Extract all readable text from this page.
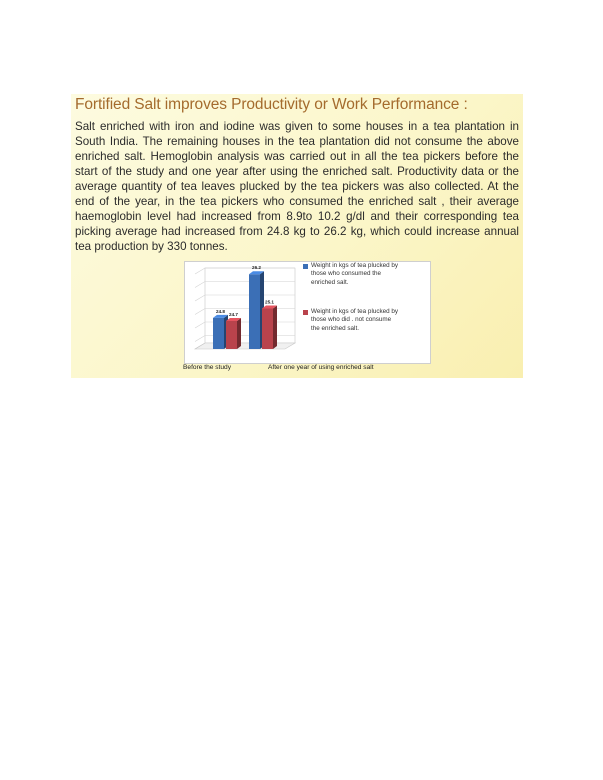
Fortified Salt improves Productivity or Work Performance :
Salt enriched with iron and iodine was given to some houses in a tea plantation in South India. The remaining houses in the tea plantation did not consume the above enriched salt. Hemoglobin analysis was carried out in all the tea pickers before the start of the study and one year after using the enriched salt. Productivity data or the average quantity of tea leaves plucked by the tea pickers was also collected. At the end of the year, in the tea pickers who consumed the enriched salt , their average haemoglobin level had increased from 8.9to 10.2 g/dl and their corresponding tea picking average had increased from 24.8 kg to 26.2 kg, which could increase annual tea production by 330 tonnes.
24.8
24.7
26.2
25.1
Weight in kgs of tea plucked by those who consumed the enriched salt.
Weight in kgs of tea plucked by those who did . not consume the enriched salt.
Before the study	After one year of using enriched salt
